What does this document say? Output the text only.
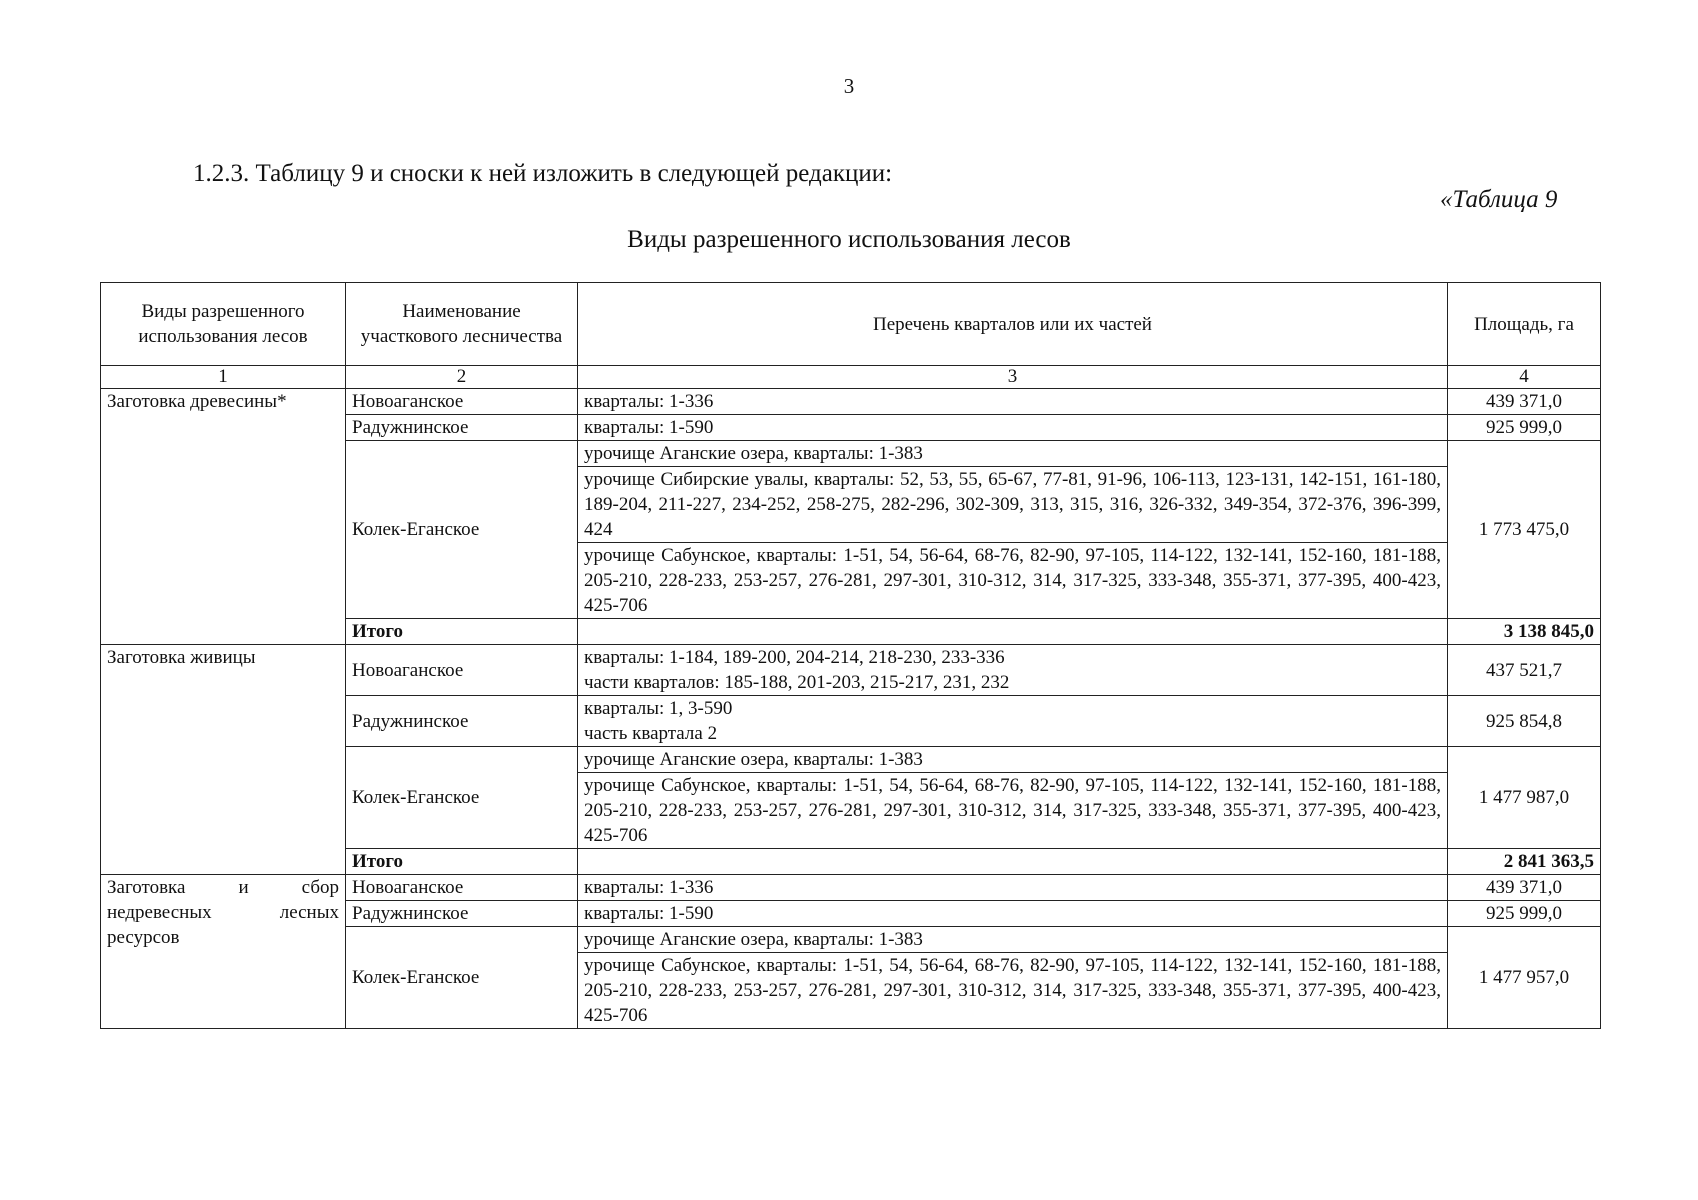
3
1.2.3. Таблицу 9 и сноски к ней изложить в следующей редакции:
«Таблица 9
Виды разрешенного использования лесов
Виды разрешенного использования лесов	Наименование участкового лесничества	Перечень кварталов или их частей	Площадь, га
1	2	3	4
Заготовка древесины*	Новоаганское	кварталы: 1-336	439 371,0
	Радужнинское	кварталы: 1-590	925 999,0
	Колек-Еганское	урочище Аганские озера, кварталы: 1-383	1 773 475,0
		урочище Сибирские увалы, кварталы: 52, 53, 55, 65-67, 77-81, 91-96, 106-113, 123-131, 142-151, 161-180, 189-204, 211-227, 234-252, 258-275, 282-296, 302-309, 313, 315, 316, 326-332, 349-354, 372-376, 396-399, 424	
		урочище Сабунское, кварталы: 1-51, 54, 56-64, 68-76, 82-90, 97-105, 114-122, 132-141, 152-160, 181-188, 205-210, 228-233, 253-257, 276-281, 297-301, 310-312, 314, 317-325, 333-348, 355-371, 377-395, 400-423, 425-706	
	Итого		3 138 845,0
Заготовка живицы	Новоаганское	кварталы: 1-184, 189-200, 204-214, 218-230, 233-336
части кварталов: 185-188, 201-203, 215-217, 231, 232	437 521,7
	Радужнинское	кварталы: 1, 3-590
часть квартала 2	925 854,8
	Колек-Еганское	урочище Аганские озера, кварталы: 1-383	1 477 987,0
		урочище Сабунское, кварталы: 1-51, 54, 56-64, 68-76, 82-90, 97-105, 114-122, 132-141, 152-160, 181-188, 205-210, 228-233, 253-257, 276-281, 297-301, 310-312, 314, 317-325, 333-348, 355-371, 377-395, 400-423, 425-706	
	Итого		2 841 363,5
Заготовка и сбор недревесных лесных ресурсов	Новоаганское	кварталы: 1-336	439 371,0
	Радужнинское	кварталы: 1-590	925 999,0
	Колек-Еганское	урочище Аганские озера, кварталы: 1-383	1 477 957,0
		урочище Сабунское, кварталы: 1-51, 54, 56-64, 68-76, 82-90, 97-105, 114-122, 132-141, 152-160, 181-188, 205-210, 228-233, 253-257, 276-281, 297-301, 310-312, 314, 317-325, 333-348, 355-371, 377-395, 400-423, 425-706	
